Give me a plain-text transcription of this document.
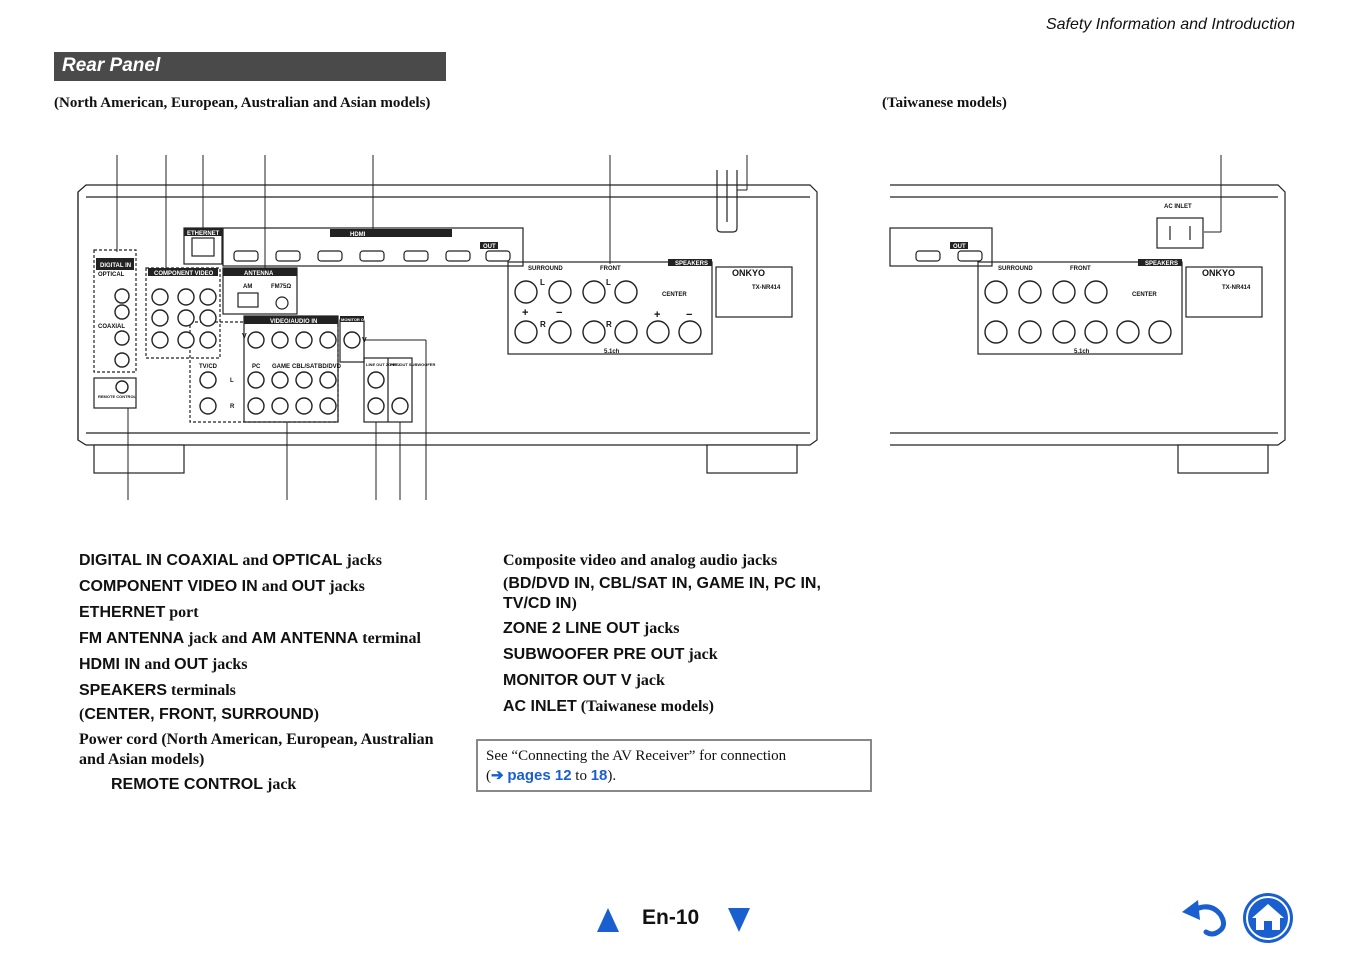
Safety Information and Introduction
Rear Panel
(North American, European, Australian and Asian models)	(Taiwanese models)
DIGITAL IN
OPTICAL
COAXIAL
COMPONENT VIDEO
ETHERNET
ANTENNA
AM	FM75Ω
HDMI
OUT
VIDEO/AUDIO IN	MONITOR OUT
TV/CD	PC GAME CBL/SAT BD/DVD	LINE OUT ZONE 2
PRE OUT SUBWOOFER
SPEAKERS
SURROUND	FRONT
CENTER
5.1ch
ONKYO
TX-NR414
REMOTE CONTROL
L
R
L
R
+	−	+ −
V
V
L
R
AC INLET
SPEAKERS
SURROUND	FRONT
CENTER
5.1ch
ONKYO
TX-NR414
OUT
DIGITAL IN COAXIAL and OPTICAL jacks
COMPONENT VIDEO IN and OUT jacks
ETHERNET port
FM ANTENNA jack and AM ANTENNA terminal
HDMI IN and OUT jacks
SPEAKERS terminals
(CENTER, FRONT, SURROUND)
Power cord (North American, European, Australian and Asian models)
REMOTE CONTROL jack
Composite video and analog audio jacks
(BD/DVD IN, CBL/SAT IN, GAME IN, PC IN, TV/CD IN)
ZONE 2 LINE OUT jacks
SUBWOOFER PRE OUT jack
MONITOR OUT V jack
AC INLET (Taiwanese models)
See “Connecting the AV Receiver” for connection
(➔ pages 12 to 18).
En-10
